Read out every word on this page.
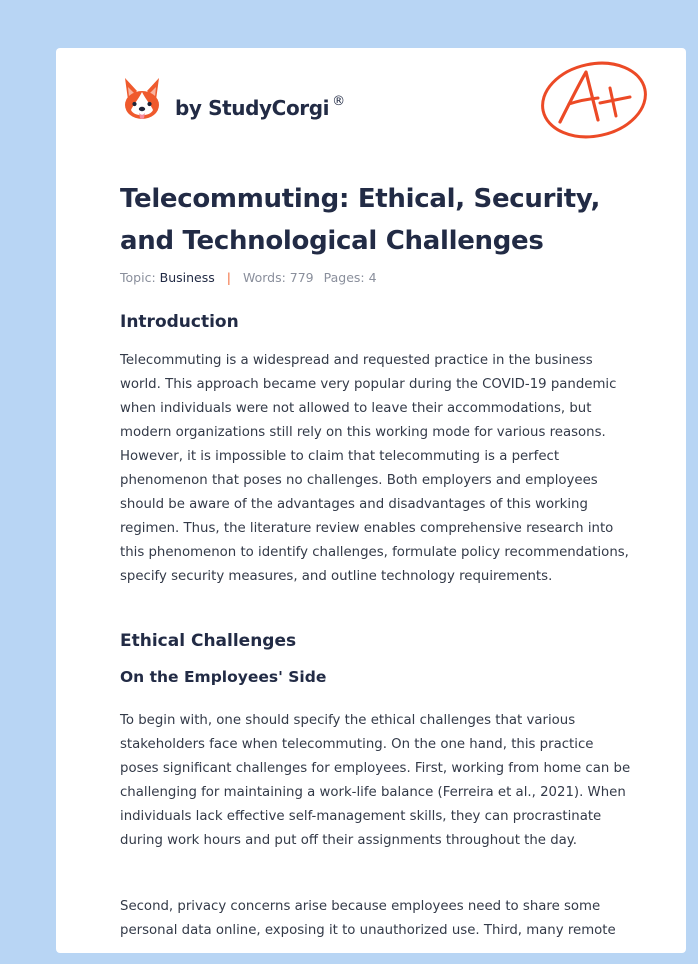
by StudyCorgi ®
Telecommuting: Ethical, Security, and Technological Challenges
Topic: Business | Words: 779 Pages: 4
Introduction

Telecommuting is a widespread and requested practice in the business world. This approach became very popular during the COVID-19 pandemic when individuals were not allowed to leave their accommodations, but modern organizations still rely on this working mode for various reasons. However, it is impossible to claim that telecommuting is a perfect phenomenon that poses no challenges. Both employers and employees should be aware of the advantages and disadvantages of this working regimen. Thus, the literature review enables comprehensive research into this phenomenon to identify challenges, formulate policy recommendations, specify security measures, and outline technology requirements.

Ethical Challenges
On the Employees' Side

To begin with, one should specify the ethical challenges that various stakeholders face when telecommuting. On the one hand, this practice poses significant challenges for employees. First, working from home can be challenging for maintaining a work-life balance (Ferreira et al., 2021). When individuals lack effective self-management skills, they can procrastinate during work hours and put off their assignments throughout the day.

Second, privacy concerns arise because employees need to share some personal data online, exposing it to unauthorized use. Third, many remote
